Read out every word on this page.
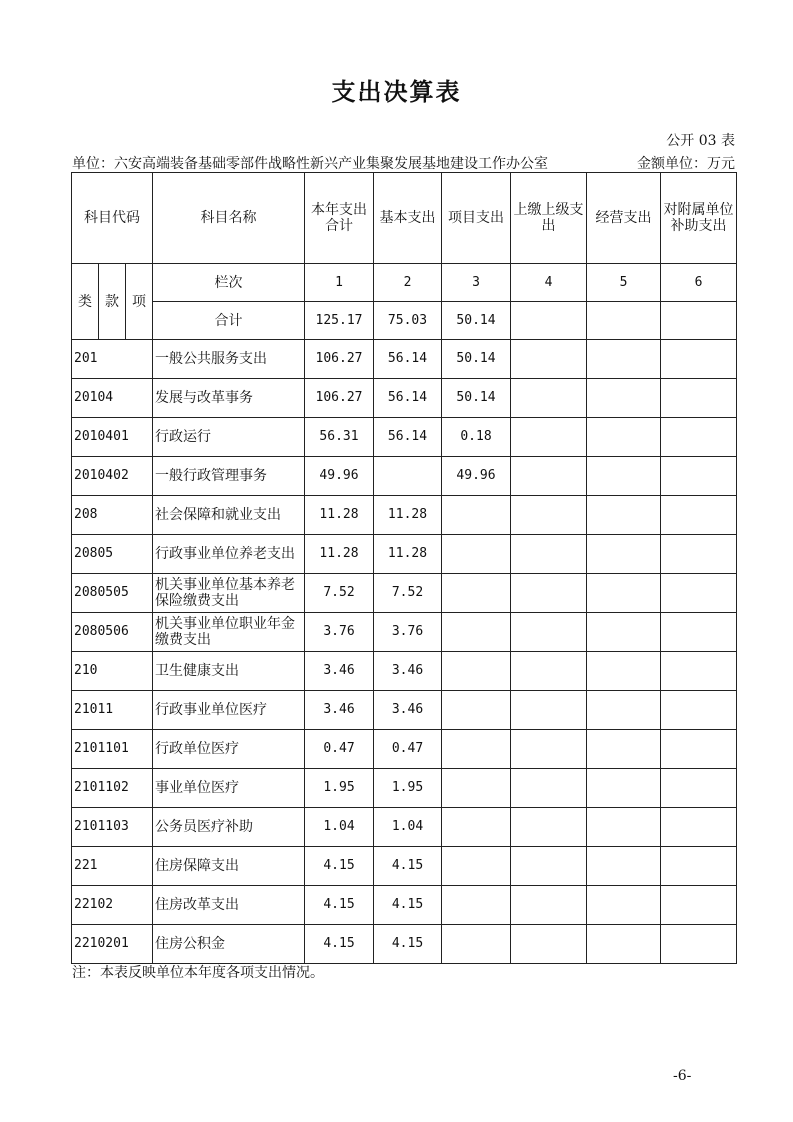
支出决算表
公开 03 表
单位：六安高端装备基础零部件战略性新兴产业集聚发展基地建设工作办公室	金额单位：万元
科目代码			科目名称	本年支出合计	基本支出	项目支出	上缴上级支出	经营支出	对附属单位补助支出
类	款	项	栏次	1	2	3	4	5	6
			合计	125.17	75.03	50.14			
201			一般公共服务支出	106.27	56.14	50.14			
20104			发展与改革事务	106.27	56.14	50.14			
2010401			行政运行	56.31	56.14	0.18			
2010402			一般行政管理事务	49.96		49.96			
208			社会保障和就业支出	11.28	11.28				
20805			行政事业单位养老支出	11.28	11.28				
2080505			机关事业单位基本养老保险缴费支出	7.52	7.52				
2080506			机关事业单位职业年金缴费支出	3.76	3.76				
210			卫生健康支出	3.46	3.46				
21011			行政事业单位医疗	3.46	3.46				
2101101			行政单位医疗	0.47	0.47				
2101102			事业单位医疗	1.95	1.95				
2101103			公务员医疗补助	1.04	1.04				
221			住房保障支出	4.15	4.15				
22102			住房改革支出	4.15	4.15				
2210201			住房公积金	4.15	4.15				
注：本表反映单位本年度各项支出情况。
-6-
